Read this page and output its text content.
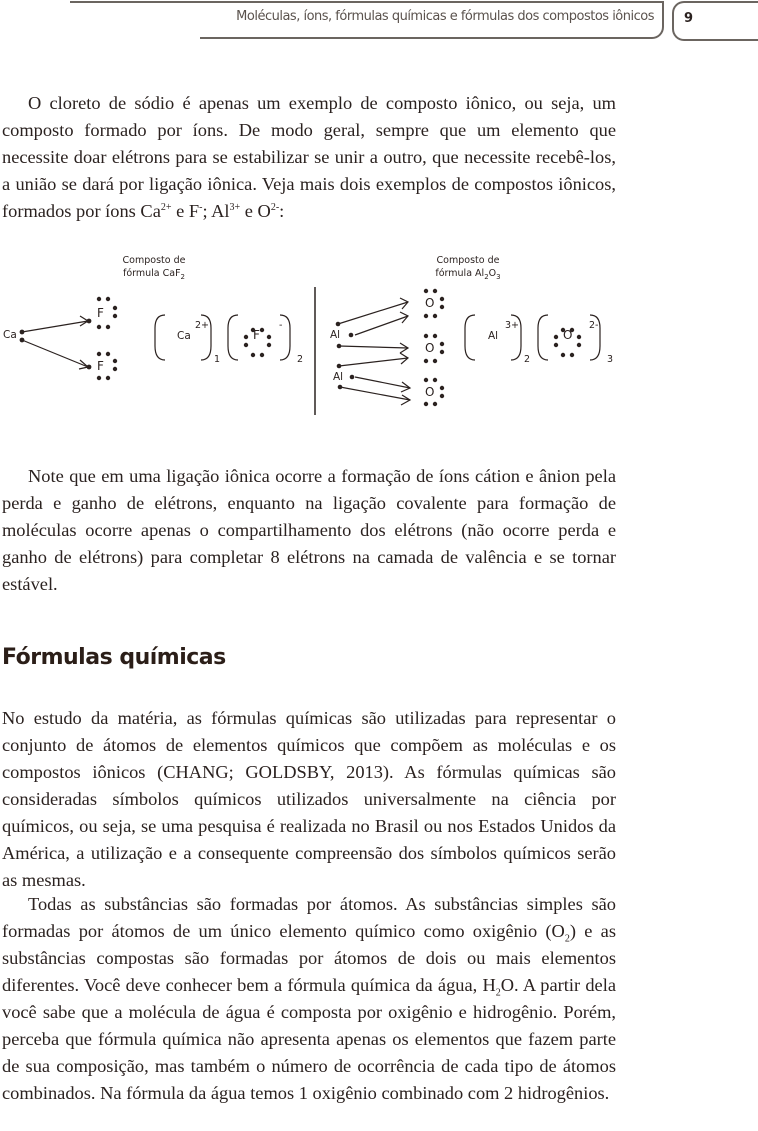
Moléculas, íons, fórmulas químicas e fórmulas dos compostos iônicos 9

O cloreto de sódio é apenas um exemplo de composto iônico, ou seja, um composto formado por íons. De modo geral, sempre que um elemento que necessite doar elétrons para se estabilizar se unir a outro, que necessite recebê-los, a união se dará por ligação iônica. Veja mais dois exemplos de compostos iônicos, formados por íons $Ca^{2+}$ e F-; $Al^{3+}$ e $O^{2-}$:

Composto de
fórmula CaF$_2$
Composto de
fórmula $Al_2O_3$
Ca
F
F
Ca
2+
1
F
-
2
Al
Al
O
O
O
Al
3+
2
O
2-
3

Note que em uma ligação iônica ocorre a formação de íons cátion e ânion pela perda e ganho de elétrons, enquanto na ligação covalente para formação de moléculas ocorre apenas o compartilhamento dos elétrons (não ocorre perda e ganho de elétrons) para completar 8 elétrons na camada de valência e se tornar estável.

Fórmulas químicas

No estudo da matéria, as fórmulas químicas são utilizadas para representar o conjunto de átomos de elementos químicos que compõem as moléculas e os compostos iônicos (CHANG; GOLDSBY, 2013). As fórmulas químicas são consideradas símbolos químicos utilizados universalmente na ciência por químicos, ou seja, se uma pesquisa é realizada no Brasil ou nos Estados Unidos da América, a utilização e a consequente compreensão dos símbolos químicos serão as mesmas.

Todas as substâncias são formadas por átomos. As substâncias simples são formadas por átomos de um único elemento químico como oxigênio $(O_2)$ e as substâncias compostas são formadas por átomos de dois ou mais elementos diferentes. Você deve conhecer bem a fórmula química da água, $H_2O$. A partir dela você sabe que a molécula de água é composta por oxigênio e hidrogênio. Porém, perceba que fórmula química não apresenta apenas os elementos que fazem parte de sua composição, mas também o número de ocorrência de cada tipo de átomos combinados. Na fórmula da água temos 1 oxigênio combinado com 2 hidrogênios.
